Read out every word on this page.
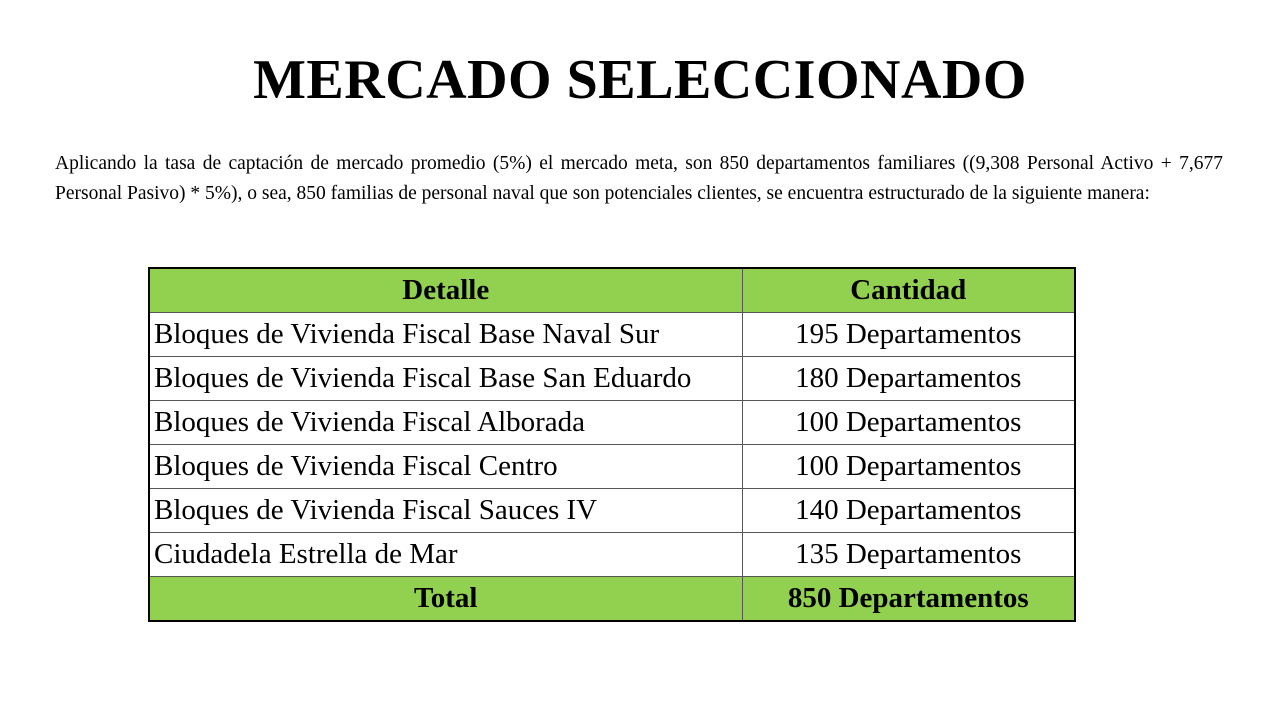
MERCADO SELECCIONADO

Aplicando la tasa de captación de mercado promedio (5%) el mercado meta, son 850 departamentos familiares ((9,308 Personal Activo + 7,677 Personal Pasivo) * 5%), o sea, 850 familias de personal naval que son potenciales clientes, se encuentra estructurado de la siguiente manera:

Detalle	Cantidad
Bloques de Vivienda Fiscal Base Naval Sur	195 Departamentos
Bloques de Vivienda Fiscal Base San Eduardo	180 Departamentos
Bloques de Vivienda Fiscal Alborada	100 Departamentos
Bloques de Vivienda Fiscal Centro	100 Departamentos
Bloques de Vivienda Fiscal Sauces IV	140 Departamentos
Ciudadela Estrella de Mar	135 Departamentos
Total	850 Departamentos
